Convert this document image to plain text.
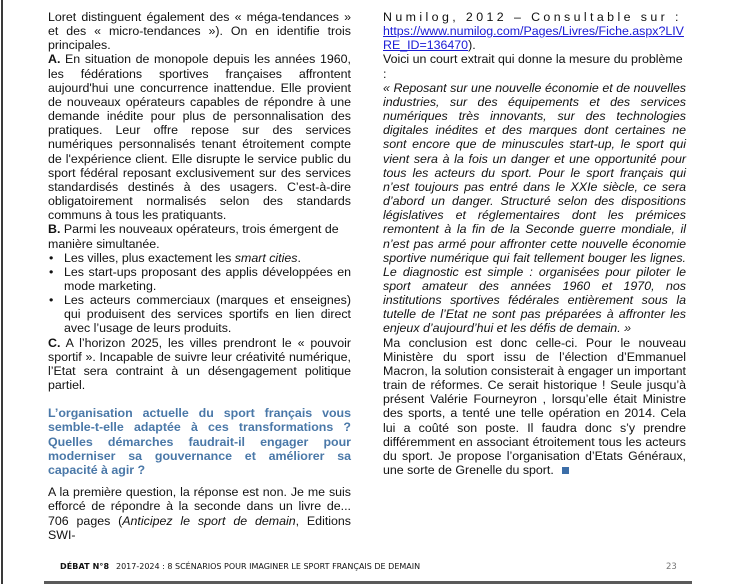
Loret distinguent également des « méga-tendances » et des « micro-tendances »). On en identifie trois principales.

A. En situation de monopole depuis les années 1960, les fédérations sportives françaises affrontent aujourd'hui une concurrence inattendue. Elle provient de nouveaux opérateurs capables de répondre à une demande inédite pour plus de personnalisation des pratiques. Leur offre repose sur des services numériques personnalisés tenant étroitement compte de l'expérience client. Elle disrupte le service public du sport fédéral reposant exclusivement sur des services standardisés destinés à des usagers. C’est-à-dire obligatoirement normalisés selon des standards communs à tous les pratiquants.

B. Parmi les nouveaux opérateurs, trois émergent de manière simultanée.

• Les villes, plus exactement les smart cities.
• Les start-ups proposant des applis développées en mode marketing.
• Les acteurs commerciaux (marques et enseignes) qui produisent des services sportifs en lien direct avec l’usage de leurs produits.

C. A l’horizon 2025, les villes prendront le « pouvoir sportif ». Incapable de suivre leur créativité numérique, l’Etat sera contraint à un désengagement politique partiel.

L’organisation actuelle du sport français vous semble-t-elle adaptée à ces transformations ? Quelles démarches faudrait-il engager pour moderniser sa gouvernance et améliorer sa capacité à agir ?

A la première question, la réponse est non. Je me suis efforcé de répondre à la seconde dans un livre de... 706 pages (Anticipez le sport de demain, Editions SWI-

Numilog, 2012 – Consultable sur :

https://www.numilog.com/Pages/Livres/Fiche.aspx?LIVRE_ID=136470).

Voici un court extrait qui donne la mesure du problème :

« Reposant sur une nouvelle économie et de nouvelles industries, sur des équipements et des services numériques très innovants, sur des technologies digitales inédites et des marques dont certaines ne sont encore que de minuscules start-up, le sport qui vient sera à la fois un danger et une opportunité pour tous les acteurs du sport. Pour le sport français qui n’est toujours pas entré dans le XXIe siècle, ce sera d’abord un danger. Structuré selon des dispositions législatives et réglementaires dont les prémices remontent à la fin de la Seconde guerre mondiale, il n’est pas armé pour affronter cette nouvelle économie sportive numérique qui fait tellement bouger les lignes. Le diagnostic est simple : organisées pour piloter le sport amateur des années 1960 et 1970, nos institutions sportives fédérales entièrement sous la tutelle de l’Etat ne sont pas préparées à affronter les enjeux d’aujourd’hui et les défis de demain. »

Ma conclusion est donc celle-ci. Pour le nouveau Ministère du sport issu de l’élection d’Emmanuel Macron, la solution consisterait à engager un important train de réformes. Ce serait historique ! Seule jusqu’à présent Valérie Fourneyron , lorsqu’elle était Ministre des sports, a tenté une telle opération en 2014. Cela lui a coûté son poste. Il faudra donc s’y prendre différemment en associant étroitement tous les acteurs du sport. Je propose l’organisation d’Etats Généraux, une sorte de Grenelle du sport.

DÉBAT N°8 2017-2024 : 8 SCÉNARIOS POUR IMAGINER LE SPORT FRANÇAIS DE DEMAIN	23
